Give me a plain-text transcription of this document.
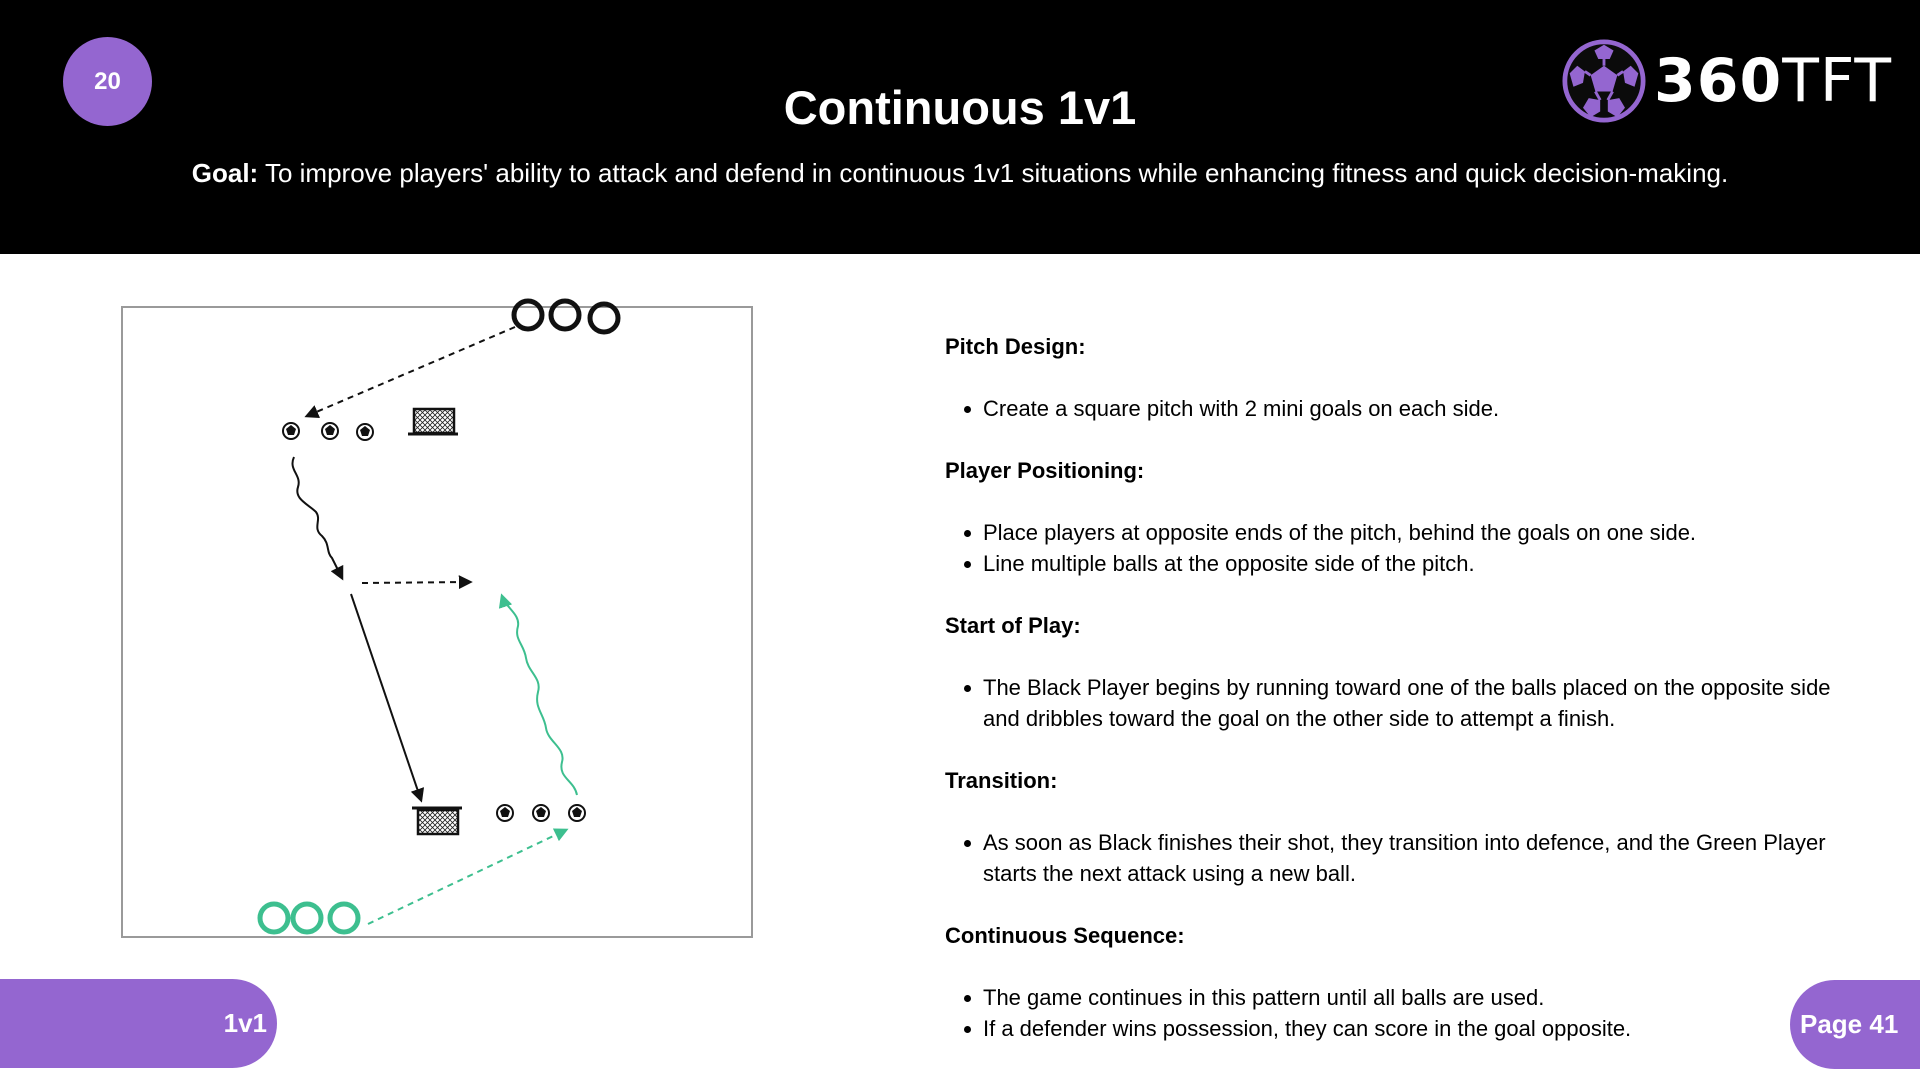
20	Continuous 1v1
Goal: To improve players' ability to attack and defend in continuous 1v1 situations while enhancing fitness and quick decision-making.
360TFT
Pitch Design:
Create a square pitch with 2 mini goals on each side.
Player Positioning:
Place players at opposite ends of the pitch, behind the goals on one side.
Line multiple balls at the opposite side of the pitch.
Start of Play:
The Black Player begins by running toward one of the balls placed on the opposite side and dribbles toward the goal on the other side to attempt a finish.
Transition:
As soon as Black finishes their shot, they transition into defence, and the Green Player starts the next attack using a new ball.
Continuous Sequence:
The game continues in this pattern until all balls are used.
If a defender wins possession, they can score in the goal opposite.
1v1	Page 41
